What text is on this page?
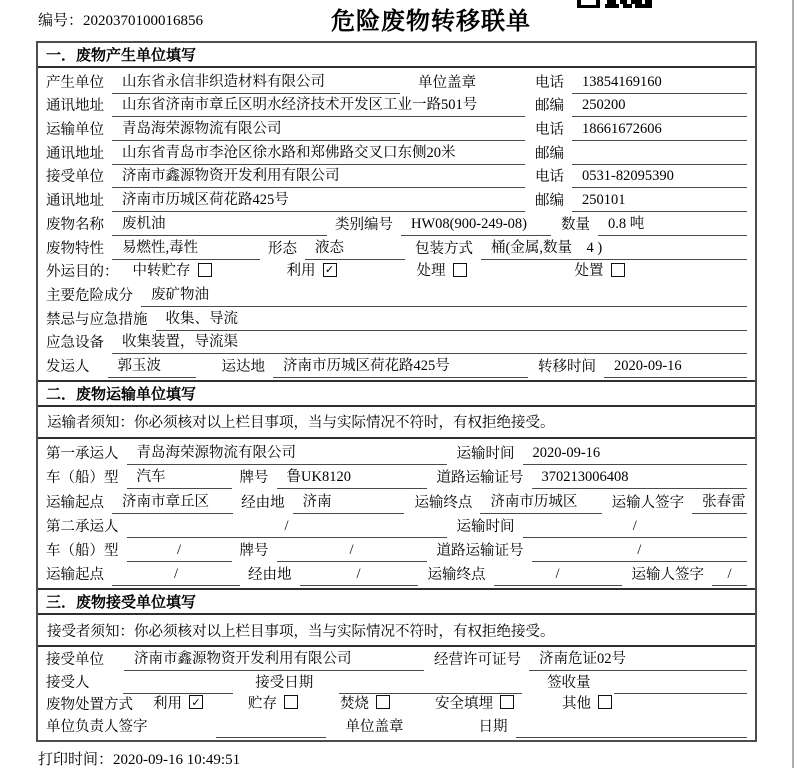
编号：2020370100016856	危险废物转移联单
一．废物产生单位填写
产生单位	山东省永信非织造材料有限公司	单位盖章	电话	13854169160
通讯地址	山东省济南市章丘区明水经济技术开发区工业一路501号	邮编	250200
运输单位	青岛海荣源物流有限公司	电话	18661672606
通讯地址	山东省青岛市李沧区徐水路和郑佛路交叉口东侧20米	邮编
接受单位	济南市鑫源物资开发利用有限公司	电话	0531-82095390
通讯地址	济南市历城区荷花路425号	邮编	250101
废物名称	废机油	类别编号	HW08(900-249-08)	数量	0.8 吨
废物特性	易燃性,毒性	形态	液态	包装方式	桶(金属,数量　4 )
外运目的： 中转贮存	利用 ✓	处理	处置
主要危险成分	废矿物油
禁忌与应急措施	收集、导流
应急设备	收集装置，导流渠
发运人	郭玉波	运达地	济南市历城区荷花路425号	转移时间	2020-09-16
二．废物运输单位填写
运输者须知：你必须核对以上栏目事项，当与实际情况不符时，有权拒绝接受。
第一承运人	青岛海荣源物流有限公司	运输时间	2020-09-16
车（船）型	汽车	牌号	鲁UK8120	道路运输证号	370213006408
运输起点	济南市章丘区	经由地	济南	运输终点	济南市历城区	运输人签字	张春雷
第二承运人	/	运输时间	/
车（船）型	/	牌号	/	道路运输证号	/
运输起点	/	经由地	/	运输终点	/	运输人签字	/
三．废物接受单位填写
接受者须知：你必须核对以上栏目事项，当与实际情况不符时，有权拒绝接受。
接受单位	济南市鑫源物资开发利用有限公司	经营许可证号	济南危证02号
接受人	接受日期	签收量
废物处置方式 利用 ✓	贮存	焚烧	安全填埋	其他
单位负责人签字	单位盖章	日期
打印时间：2020-09-16 10:49:51
